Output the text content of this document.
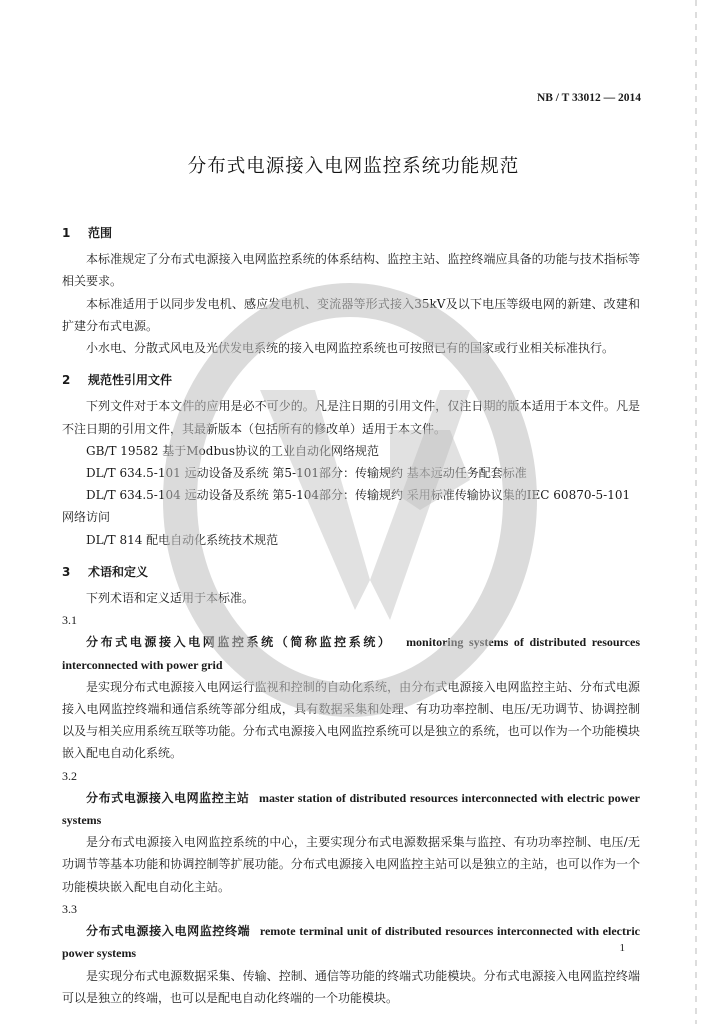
NB / T 33012 — 2014
分布式电源接入电网监控系统功能规范
1 范围

本标准规定了分布式电源接入电网监控系统的体系结构、监控主站、监控终端应具备的功能与技术指标等相关要求。

本标准适用于以同步发电机、感应发电机、变流器等形式接入35kV及以下电压等级电网的新建、改建和扩建分布式电源。

小水电、分散式风电及光伏发电系统的接入电网监控系统也可按照已有的国家或行业相关标准执行。

2 规范性引用文件

下列文件对于本文件的应用是必不可少的。凡是注日期的引用文件，仅注日期的版本适用于本文件。凡是不注日期的引用文件，其最新版本（包括所有的修改单）适用于本文件。

GB/T 19582 基于Modbus协议的工业自动化网络规范

DL/T 634.5-101 远动设备及系统 第5-101部分：传输规约 基本远动任务配套标准

DL/T 634.5-104 远动设备及系统 第5-104部分：传输规约 采用标准传输协议集的IEC 60870-5-101

网络访问

DL/T 814 配电自动化系统技术规范

3 术语和定义

下列术语和定义适用于本标准。

3.1

分布式电源接入电网监控系统（简称监控系统） monitoring systems of distributed resources interconnected with power grid

是实现分布式电源接入电网运行监视和控制的自动化系统，由分布式电源接入电网监控主站、分布式电源接入电网监控终端和通信系统等部分组成，具有数据采集和处理、有功功率控制、电压/无功调节、协调控制以及与相关应用系统互联等功能。分布式电源接入电网监控系统可以是独立的系统，也可以作为一个功能模块嵌入配电自动化系统。

3.2

分布式电源接入电网监控主站 master station of distributed resources interconnected with electric power systems

是分布式电源接入电网监控系统的中心，主要实现分布式电源数据采集与监控、有功功率控制、电压/无功调节等基本功能和协调控制等扩展功能。分布式电源接入电网监控主站可以是独立的主站，也可以作为一个功能模块嵌入配电自动化主站。

3.3

分布式电源接入电网监控终端 remote terminal unit of distributed resources interconnected with electric power systems

是实现分布式电源数据采集、传输、控制、通信等功能的终端式功能模块。分布式电源接入电网监控终端可以是独立的终端，也可以是配电自动化终端的一个功能模块。

1
